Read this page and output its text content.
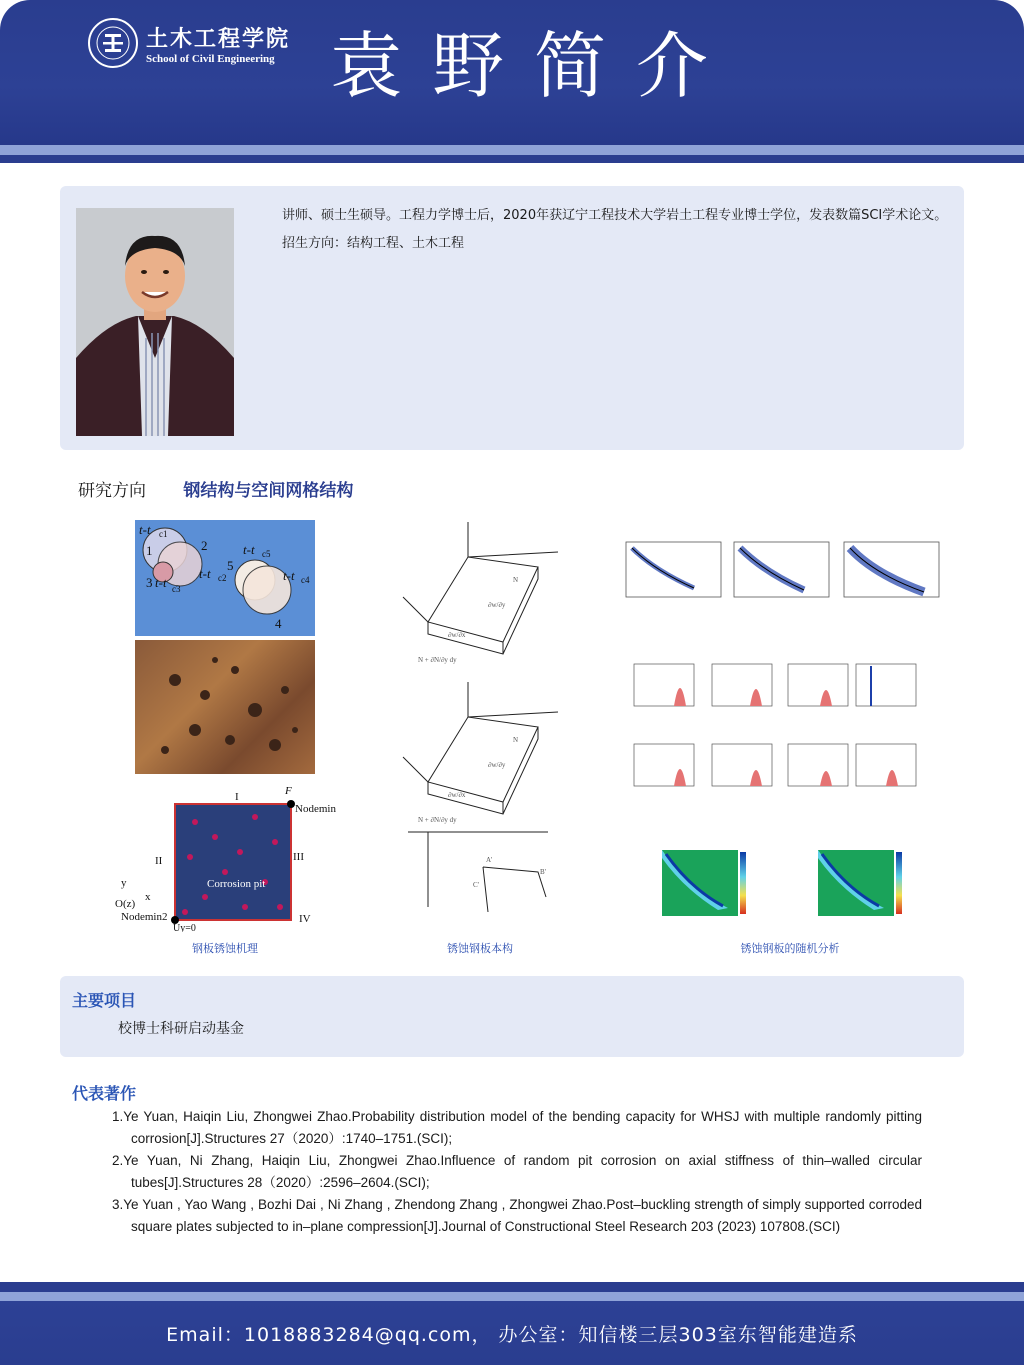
土木工程学院
School of Civil Engineering 袁野简介

讲师、硕士生硕导。工程力学博士后，2020年获辽宁工程技术大学岩土工程专业博士学位，发表数篇SCI学术论文。

招生方向：结构工程、土木工程

研究方向 钢结构与空间网格结构
t-t c1
1	2
t-t c2
3 t-t c3
t-t c5
5
t-t c4
4
F
Nodemin
I
II	III
IV
Corrosion pit
y
x
O(z)
Nodemin2
Uy=0
钢板锈蚀机理
∂w/∂y
∂w/∂x
N
N + ∂N/∂y dy
∂w/∂y
∂w/∂x
N
N + ∂N/∂y dy
A'
B'
C'
锈蚀钢板本构	锈蚀钢板的随机分析
主要项目
校博士科研启动基金
代表著作

1.Ye Yuan, Haiqin Liu, Zhongwei Zhao.Probability distribution model of the bending capacity for WHSJ with multiple randomly pitting corrosion[J].Structures 27（2020）:1740–1751.(SCI);

2.Ye Yuan, Ni Zhang, Haiqin Liu, Zhongwei Zhao.Influence of random pit corrosion on axial stiffness of thin–walled circular tubes[J].Structures 28（2020）:2596–2604.(SCI);

3.Ye Yuan , Yao Wang , Bozhi Dai , Ni Zhang , Zhendong Zhang , Zhongwei Zhao.Post–buckling strength of simply supported corroded square plates subjected to in–plane compression[J].Journal of Constructional Steel Research 203 (2023) 107808.(SCI)

Email：1018883284@qq.com， 办公室：知信楼三层303室东智能建造系
